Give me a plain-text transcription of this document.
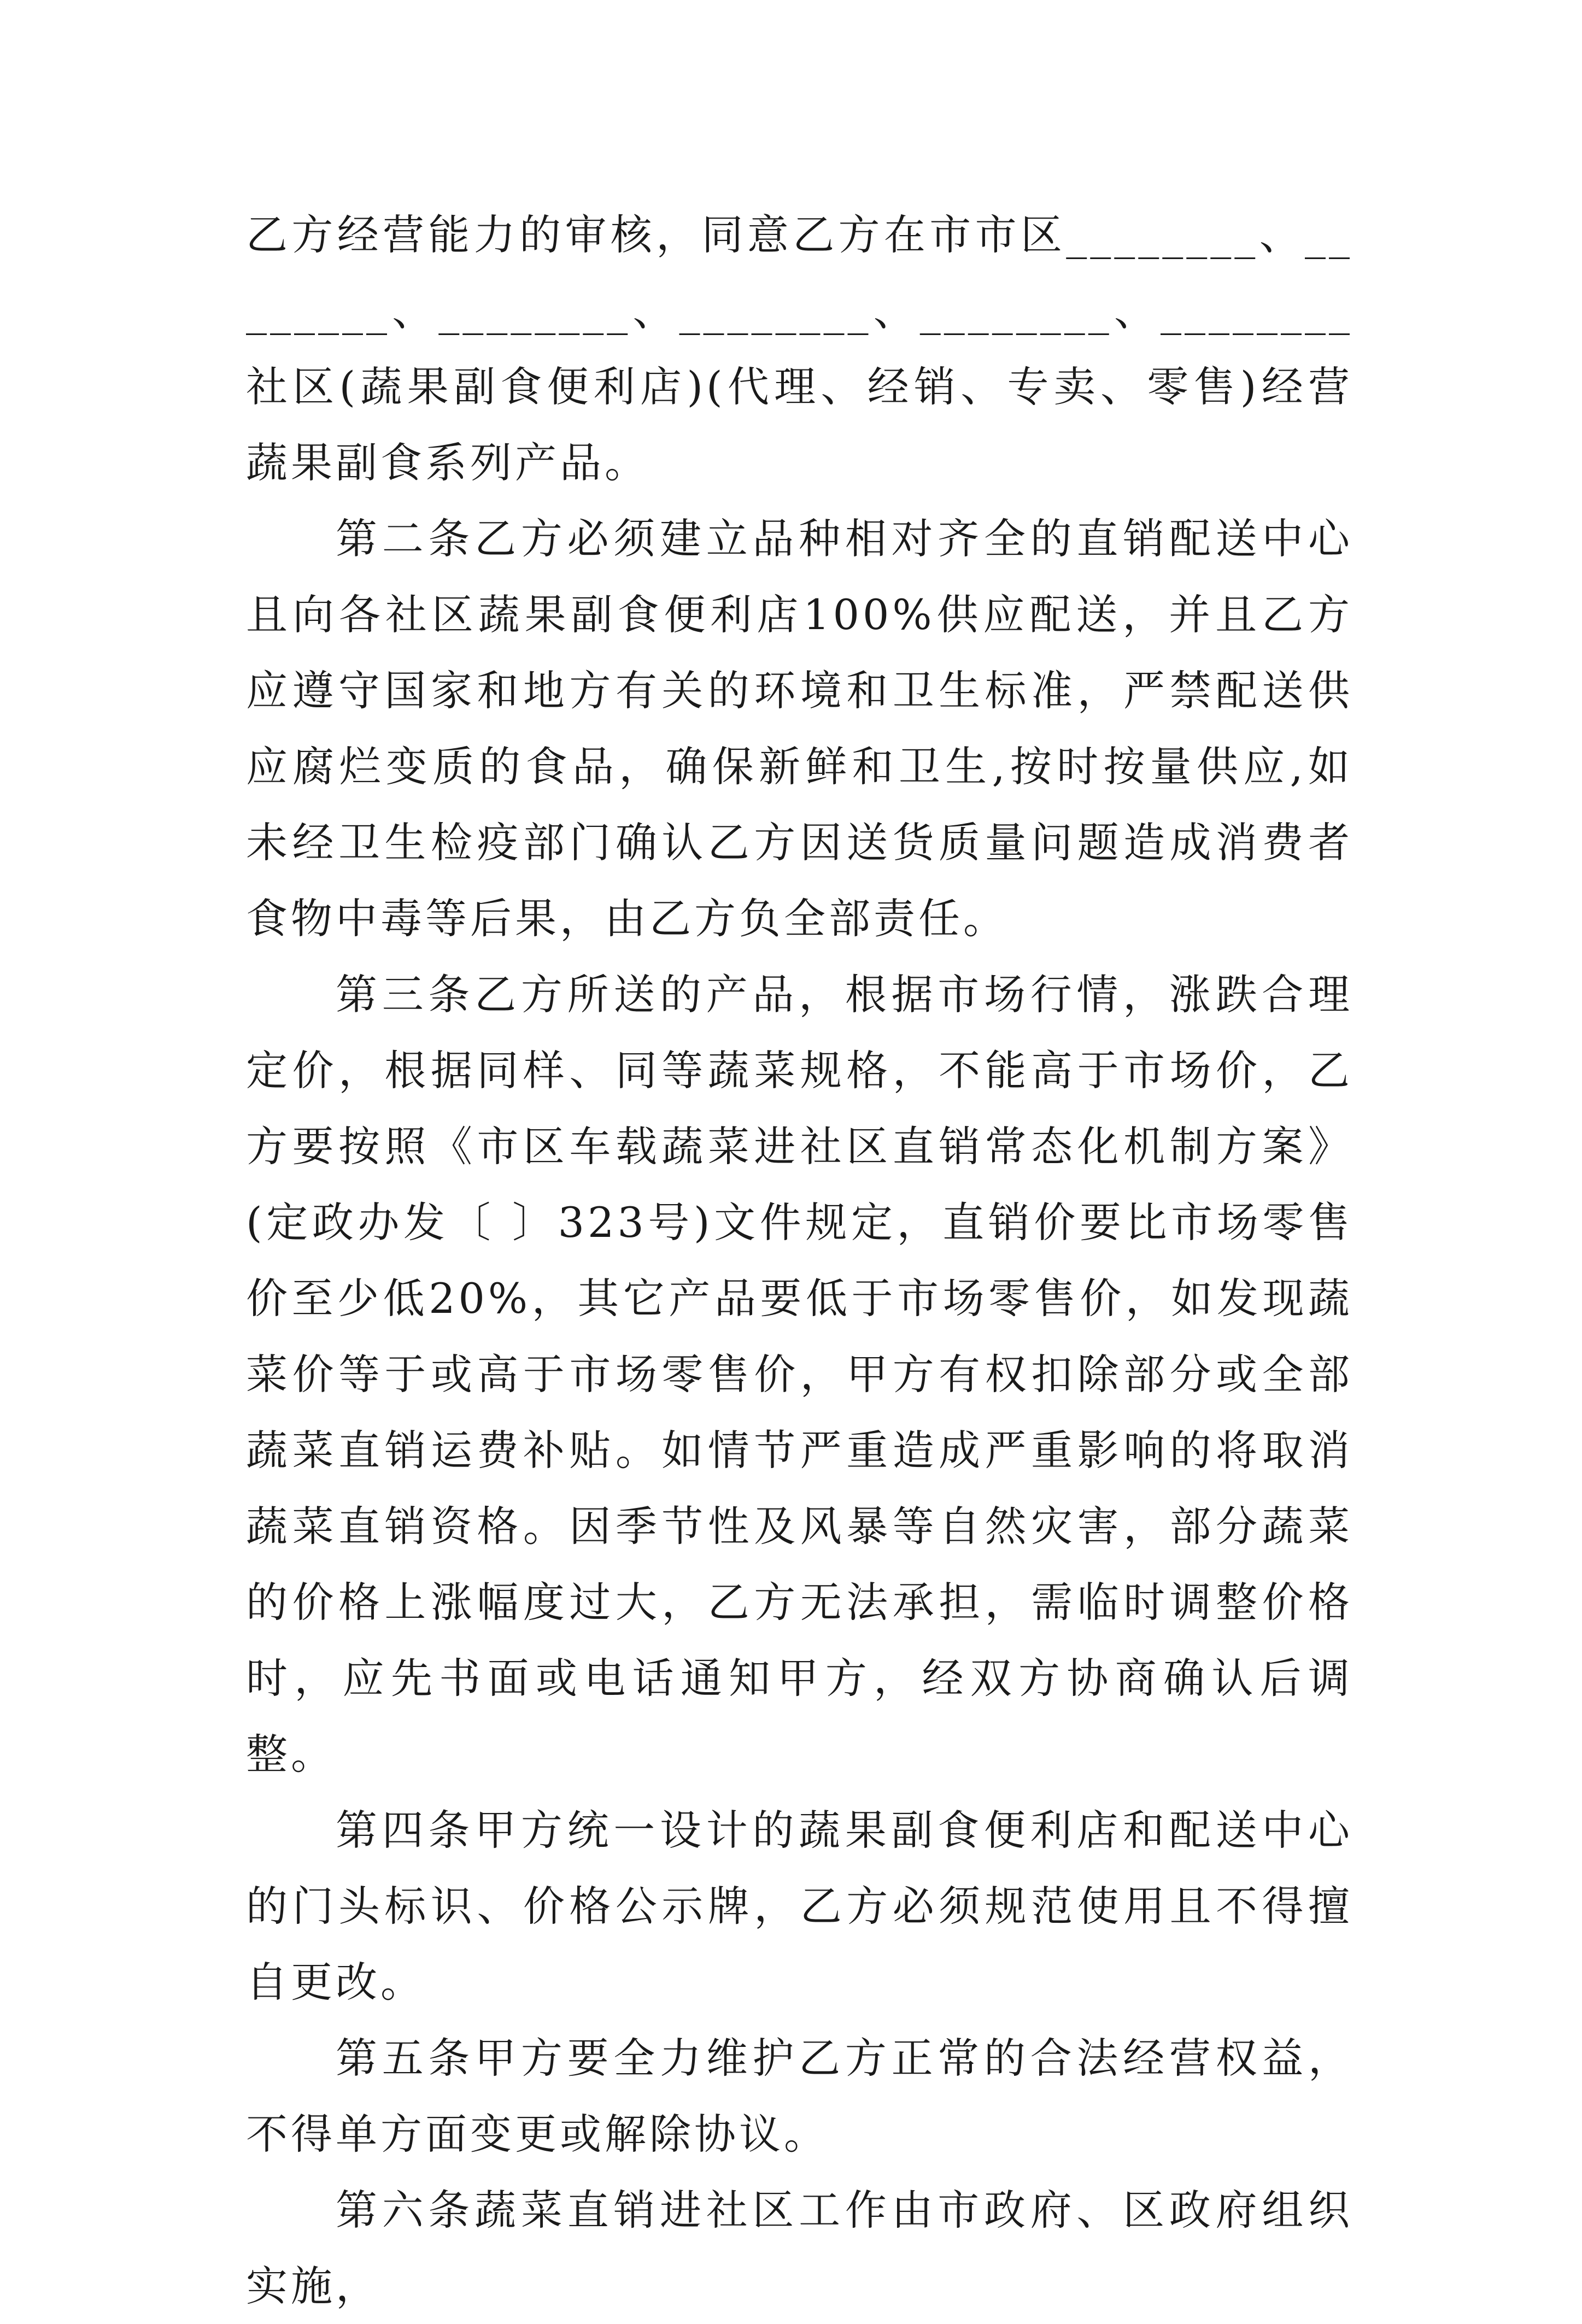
乙方经营能力的审核，同意乙方在市市区________、________、________、________、________、________社区(蔬果副食便利店)(代理、经销、专卖、零售)经营蔬果副食系列产品。

第二条乙方必须建立品种相对齐全的直销配送中心且向各社区蔬果副食便利店100%供应配送，并且乙方应遵守国家和地方有关的环境和卫生标准，严禁配送供应腐烂变质的食品，确保新鲜和卫生,按时按量供应,如未经卫生检疫部门确认乙方因送货质量问题造成消费者食物中毒等后果，由乙方负全部责任。

第三条乙方所送的产品，根据市场行情，涨跌合理定价，根据同样、同等蔬菜规格，不能高于市场价，乙方要按照《市区车载蔬菜进社区直销常态化机制方案》(定政办发〔 〕323号)文件规定，直销价要比市场零售价至少低20%，其它产品要低于市场零售价，如发现蔬菜价等于或高于市场零售价，甲方有权扣除部分或全部蔬菜直销运费补贴。如情节严重造成严重影响的将取消蔬菜直销资格。因季节性及风暴等自然灾害，部分蔬菜的价格上涨幅度过大，乙方无法承担，需临时调整价格时，应先书面或电话通知甲方，经双方协商确认后调整。

第四条甲方统一设计的蔬果副食便利店和配送中心的门头标识、价格公示牌，乙方必须规范使用且不得擅自更改。

第五条甲方要全力维护乙方正常的合法经营权益，不得单方面变更或解除协议。

第六条蔬菜直销进社区工作由市政府、区政府组织实施，
